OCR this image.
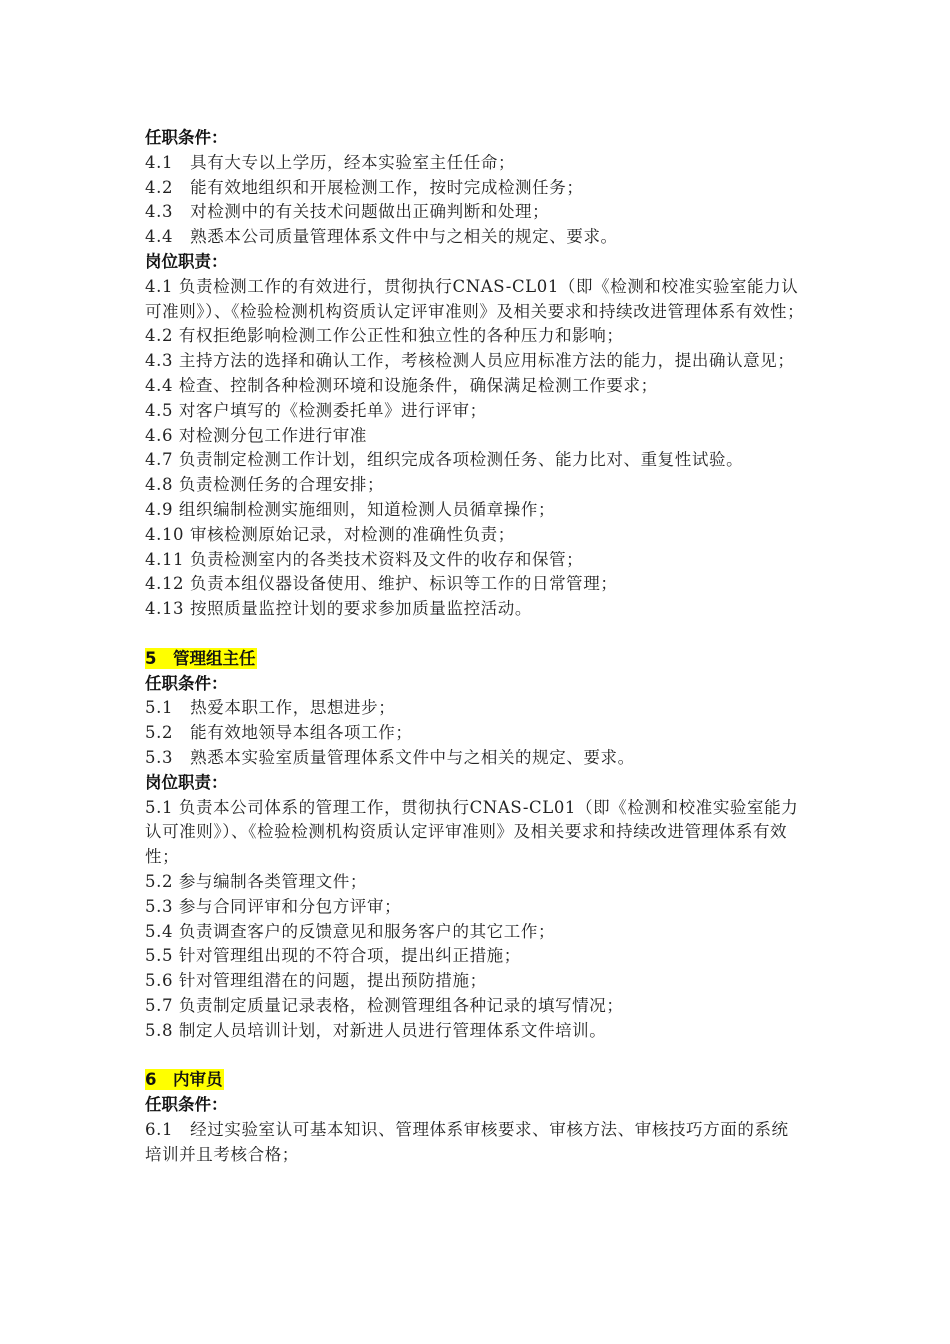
任职条件：
4.1　具有大专以上学历，经本实验室主任任命；
4.2　能有效地组织和开展检测工作，按时完成检测任务；
4.3　对检测中的有关技术问题做出正确判断和处理；
4.4　熟悉本公司质量管理体系文件中与之相关的规定、要求。
岗位职责：
4.1 负责检测工作的有效进行，贯彻执行CNAS-CL01（即《检测和校准实验室能力认可准则》）、《检验检测机构资质认定评审准则》及相关要求和持续改进管理体系有效性；
4.2 有权拒绝影响检测工作公正性和独立性的各种压力和影响；
4.3 主持方法的选择和确认工作，考核检测人员应用标准方法的能力，提出确认意见；
4.4 检查、控制各种检测环境和设施条件，确保满足检测工作要求；
4.5 对客户填写的《检测委托单》进行评审；
4.6 对检测分包工作进行审准
4.7 负责制定检测工作计划，组织完成各项检测任务、能力比对、重复性试验。
4.8 负责检测任务的合理安排；
4.9 组织编制检测实施细则，知道检测人员循章操作；
4.10 审核检测原始记录，对检测的准确性负责；
4.11 负责检测室内的各类技术资料及文件的收存和保管；
4.12 负责本组仪器设备使用、维护、标识等工作的日常管理；
4.13 按照质量监控计划的要求参加质量监控活动。
5　管理组主任
任职条件：
5.1　热爱本职工作，思想进步；
5.2　能有效地领导本组各项工作；
5.3　熟悉本实验室质量管理体系文件中与之相关的规定、要求。
岗位职责：
5.1 负责本公司体系的管理工作，贯彻执行CNAS-CL01（即《检测和校准实验室能力认可准则》）、《检验检测机构资质认定评审准则》及相关要求和持续改进管理体系有效性；
5.2 参与编制各类管理文件；
5.3 参与合同评审和分包方评审；
5.4 负责调查客户的反馈意见和服务客户的其它工作；
5.5 针对管理组出现的不符合项，提出纠正措施；
5.6 针对管理组潜在的问题，提出预防措施；
5.7 负责制定质量记录表格，检测管理组各种记录的填写情况；
5.8 制定人员培训计划，对新进人员进行管理体系文件培训。
6　内审员
任职条件：
6.1　经过实验室认可基本知识、管理体系审核要求、审核方法、审核技巧方面的系统培训并且考核合格；
